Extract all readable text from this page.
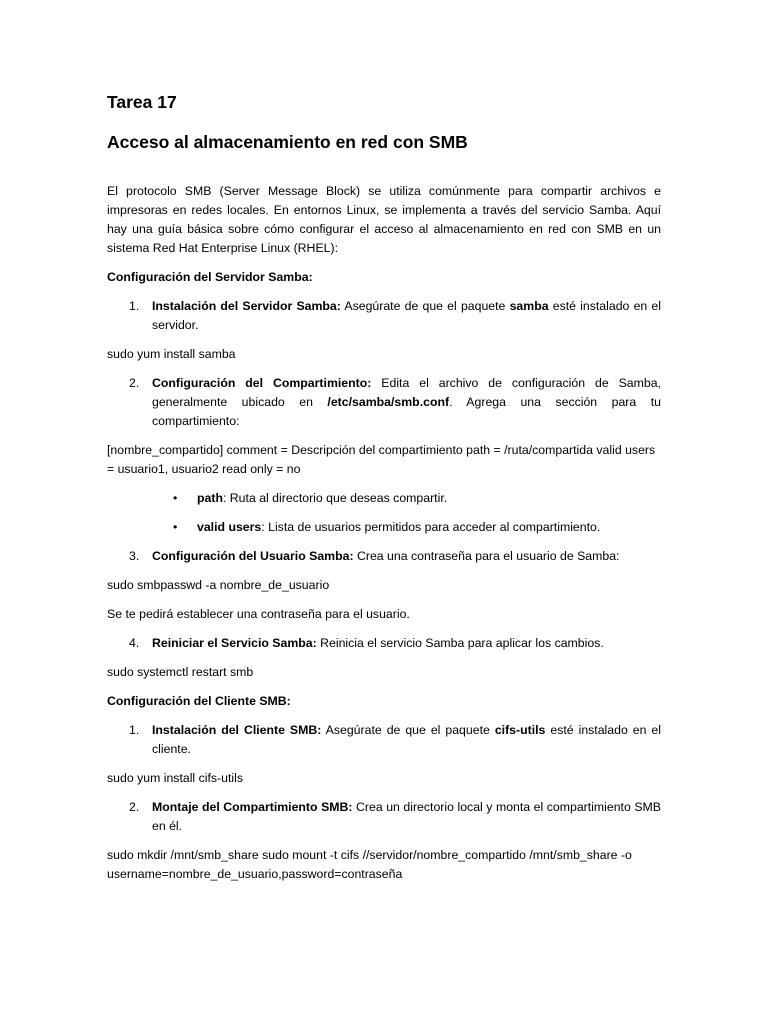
Tarea 17
Acceso al almacenamiento en red con SMB

El protocolo SMB (Server Message Block) se utiliza comúnmente para compartir archivos e impresoras en redes locales. En entornos Linux, se implementa a través del servicio Samba. Aquí hay una guía básica sobre cómo configurar el acceso al almacenamiento en red con SMB en un sistema Red Hat Enterprise Linux (RHEL):

Configuración del Servidor Samba:

1.	Instalación del Servidor Samba: Asegúrate de que el paquete samba esté instalado en el servidor.

sudo yum install samba

2.	Configuración del Compartimiento: Edita el archivo de configuración de Samba, generalmente ubicado en /etc/samba/smb.conf. Agrega una sección para tu compartimiento:

[nombre_compartido] comment = Descripción del compartimiento path = /ruta/compartida valid users = usuario1, usuario2 read only = no

•	path: Ruta al directorio que deseas compartir.
•	valid users: Lista de usuarios permitidos para acceder al compartimiento.
3.	Configuración del Usuario Samba: Crea una contraseña para el usuario de Samba:

sudo smbpasswd -a nombre_de_usuario

Se te pedirá establecer una contraseña para el usuario.

4.	Reiniciar el Servicio Samba: Reinicia el servicio Samba para aplicar los cambios.

sudo systemctl restart smb

Configuración del Cliente SMB:

1.	Instalación del Cliente SMB: Asegúrate de que el paquete cifs-utils esté instalado en el cliente.

sudo yum install cifs-utils

2.	Montaje del Compartimiento SMB: Crea un directorio local y monta el compartimiento SMB en él.

sudo mkdir /mnt/smb_share sudo mount -t cifs //servidor/nombre_compartido /mnt/smb_share -o username=nombre_de_usuario,password=contraseña
